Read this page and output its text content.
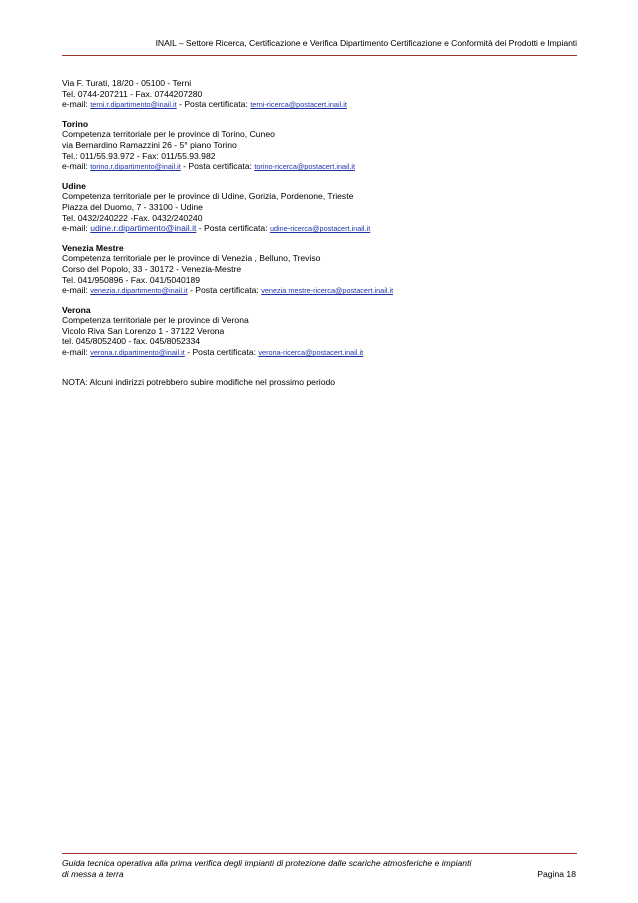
INAIL – Settore Ricerca, Certificazione e Verifica Dipartimento Certificazione e Conformità dei Prodotti e Impianti
Via F. Turati, 18/20 - 05100 - Terni
Tel. 0744-207211 - Fax. 0744207280
e-mail: terni.r.dipartimento@inail.it - Posta certificata: terni-ricerca@postacert.inail.it
Torino
Competenza territoriale per le province di Torino, Cuneo
via Bernardino Ramazzini 26 - 5° piano Torino
Tel.: 011/55.93.972 - Fax: 011/55.93.982
e-mail: torino.r.dipartimento@inail.it - Posta certificata: torino-ricerca@postacert.inail.it
Udine
Competenza territoriale per le province di Udine, Gorizia, Pordenone, Trieste
Piazza del Duomo, 7 - 33100 - Udine
Tel. 0432/240222 -Fax. 0432/240240
e-mail: udine.r.dipartimento@inail.it - Posta certificata: udine-ricerca@postacert.inail.it
Venezia Mestre
Competenza territoriale per le province di Venezia , Belluno, Treviso
Corso del Popolo, 33 - 30172 - Venezia-Mestre
Tel. 041/950896 - Fax. 041/5040189
e-mail: venezia.r.dipartimento@inail.it - Posta certificata: venezia mestre-ricerca@postacert.inail.it
Verona
Competenza territoriale per le province di Verona
Vicolo Riva San Lorenzo 1 - 37122 Verona
tel. 045/8052400 - fax. 045/8052334
e-mail: verona.r.dipartimento@inail.it - Posta certificata: verona-ricerca@postacert.inail.it
NOTA: Alcuni indirizzi potrebbero subire modifiche nel prossimo periodo
Guida tecnica operativa alla prima verifica degli impianti di protezione dalle scariche atmosferiche e impianti
di messa a terra	Pagina 18
